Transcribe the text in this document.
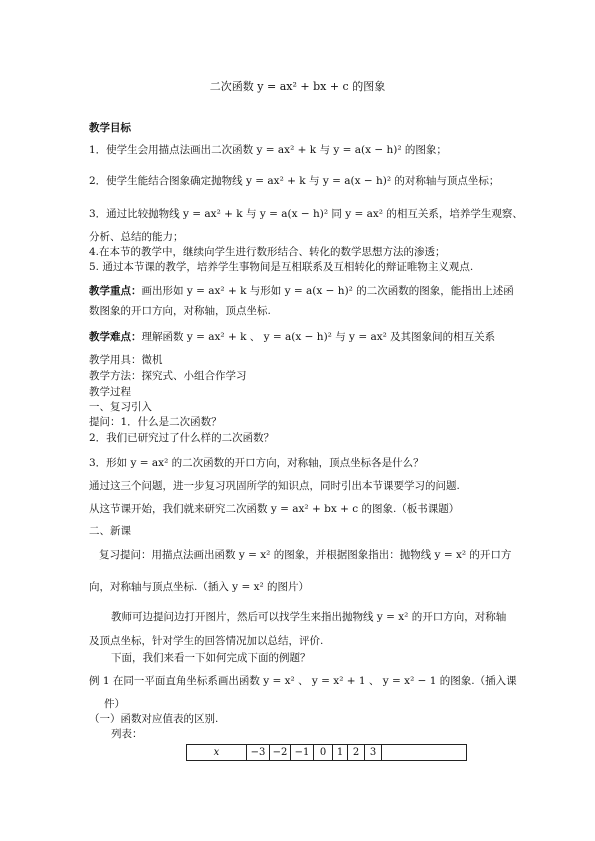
二次函数 y = ax² + bx + c 的图象
教学目标
1．使学生会用描点法画出二次函数 y = ax² + k 与 y = a(x − h)² 的图象；
2．使学生能结合图象确定抛物线 y = ax² + k 与 y = a(x − h)² 的对称轴与顶点坐标；
3．通过比较抛物线 y = ax² + k 与 y = a(x − h)² 同 y = ax² 的相互关系，培养学生观察、
分析、总结的能力；
4.在本节的教学中，继续向学生进行数形结合、转化的数学思想方法的渗透；
5. 通过本节课的教学，培养学生事物间是互相联系及互相转化的辩证唯物主义观点.
教学重点：画出形如 y = ax² + k 与形如 y = a(x − h)² 的二次函数的图象，能指出上述函
数图象的开口方向，对称轴，顶点坐标.
教学难点：理解函数 y = ax² + k 、 y = a(x − h)² 与 y = ax² 及其图象间的相互关系
教学用具：微机
教学方法：探究式、小组合作学习
教学过程
一、复习引入
提问：1．什么是二次函数？
2．我们已研究过了什么样的二次函数？
3．形如 y = ax² 的二次函数的开口方向，对称轴，顶点坐标各是什么？
通过这三个问题，进一步复习巩固所学的知识点，同时引出本节课要学习的问题.
从这节课开始，我们就来研究二次函数 y = ax² + bx + c 的图象.（板书课题）
二、新课
复习提问：用描点法画出函数 y = x² 的图象，并根据图象指出：抛物线 y = x² 的开口方
向，对称轴与顶点坐标.（插入 y = x² 的图片）
教师可边提问边打开图片，然后可以找学生来指出抛物线 y = x² 的开口方向，对称轴
及顶点坐标，针对学生的回答情况加以总结，评价.
下面，我们来看一下如何完成下面的例题？
例 1 在同一平面直角坐标系画出函数 y = x² 、 y = x² + 1 、 y = x² − 1 的图象.（插入课
件）
（一）函数对应值表的区别.
列表：
x	−3	−2	−1	0	1	2	3	
